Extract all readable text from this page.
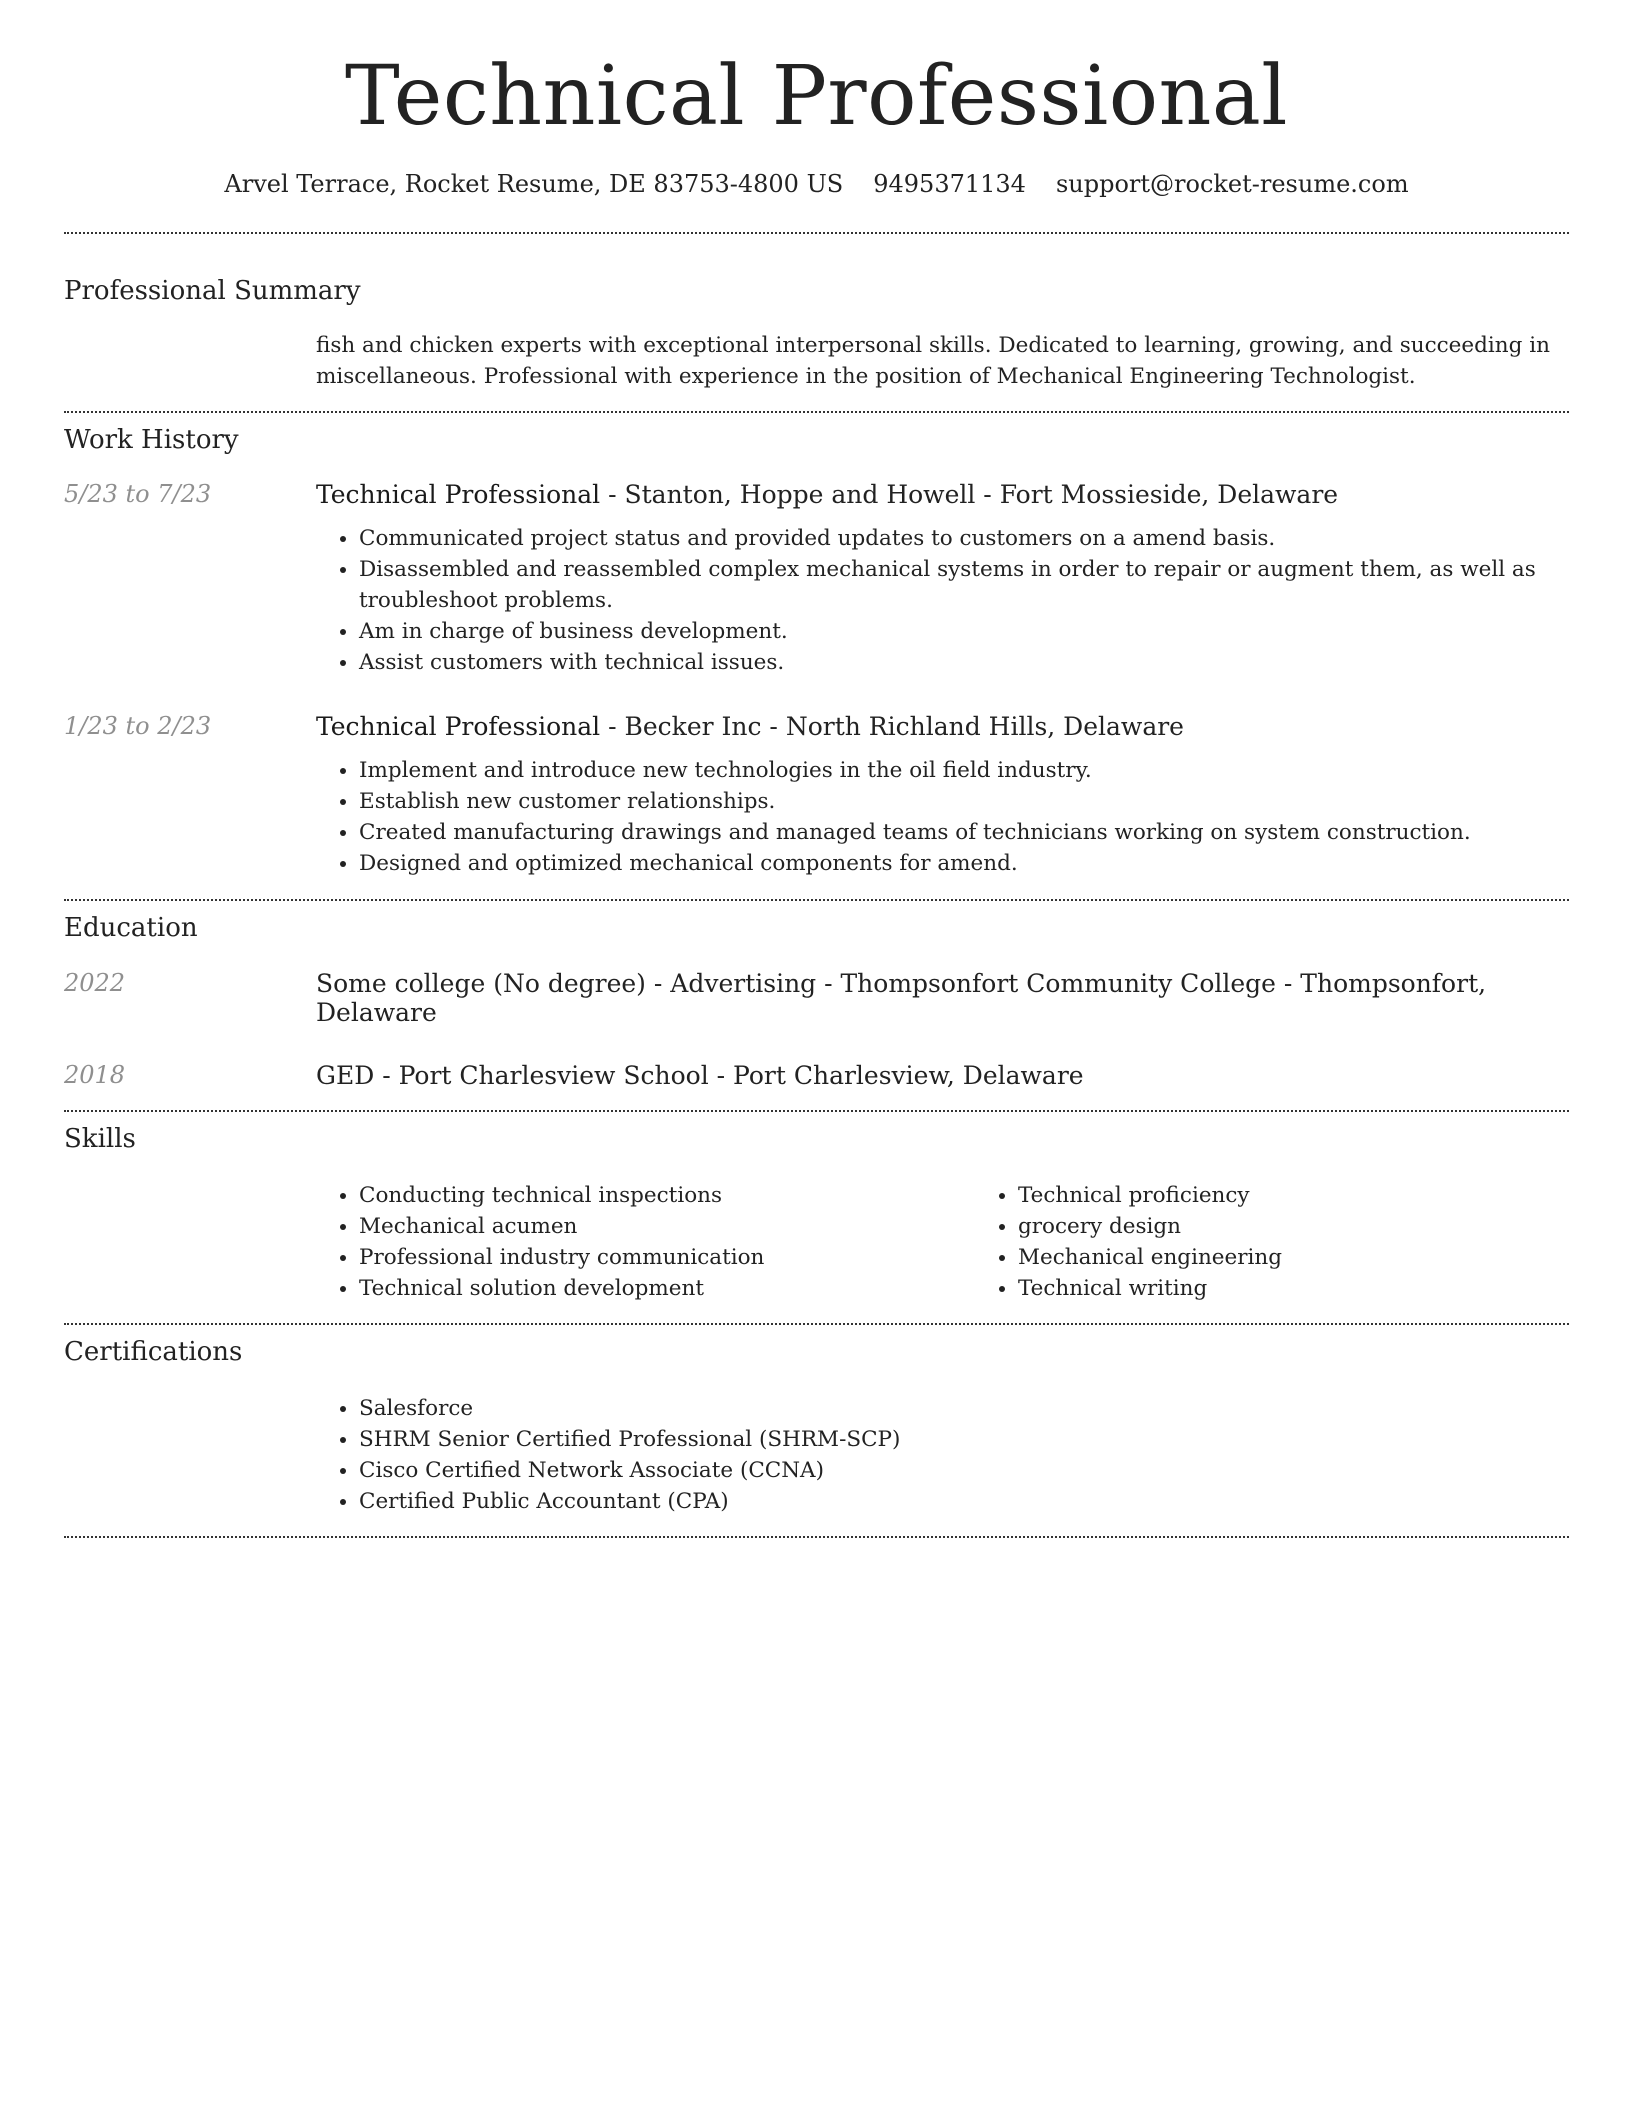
Technical Professional
Arvel Terrace, Rocket Resume, DE 83753-4800 US 9495371134 support@rocket-resume.com
Professional Summary
fish and chicken experts with exceptional interpersonal skills. Dedicated to learning, growing, and succeeding in miscellaneous. Professional with experience in the position of Mechanical Engineering Technologist.
Work History
5/23 to 7/23	Technical Professional - Stanton, Hoppe and Howell - Fort Mossieside, Delaware
• Communicated project status and provided updates to customers on a amend basis.
• Disassembled and reassembled complex mechanical systems in order to repair or augment them, as well as troubleshoot problems.
• Am in charge of business development.
• Assist customers with technical issues.
1/23 to 2/23	Technical Professional - Becker Inc - North Richland Hills, Delaware
• Implement and introduce new technologies in the oil field industry.
• Establish new customer relationships.
• Created manufacturing drawings and managed teams of technicians working on system construction.
• Designed and optimized mechanical components for amend.
Education
2022	Some college (No degree) - Advertising - Thompsonfort Community College - Thompsonfort, Delaware
2018	GED - Port Charlesview School - Port Charlesview, Delaware
Skills
• Conducting technical inspections
• Mechanical acumen
• Professional industry communication
• Technical solution development
• Technical proficiency
• grocery design
• Mechanical engineering
• Technical writing
Certifications
• Salesforce
• SHRM Senior Certified Professional (SHRM-SCP)
• Cisco Certified Network Associate (CCNA)
• Certified Public Accountant (CPA)
